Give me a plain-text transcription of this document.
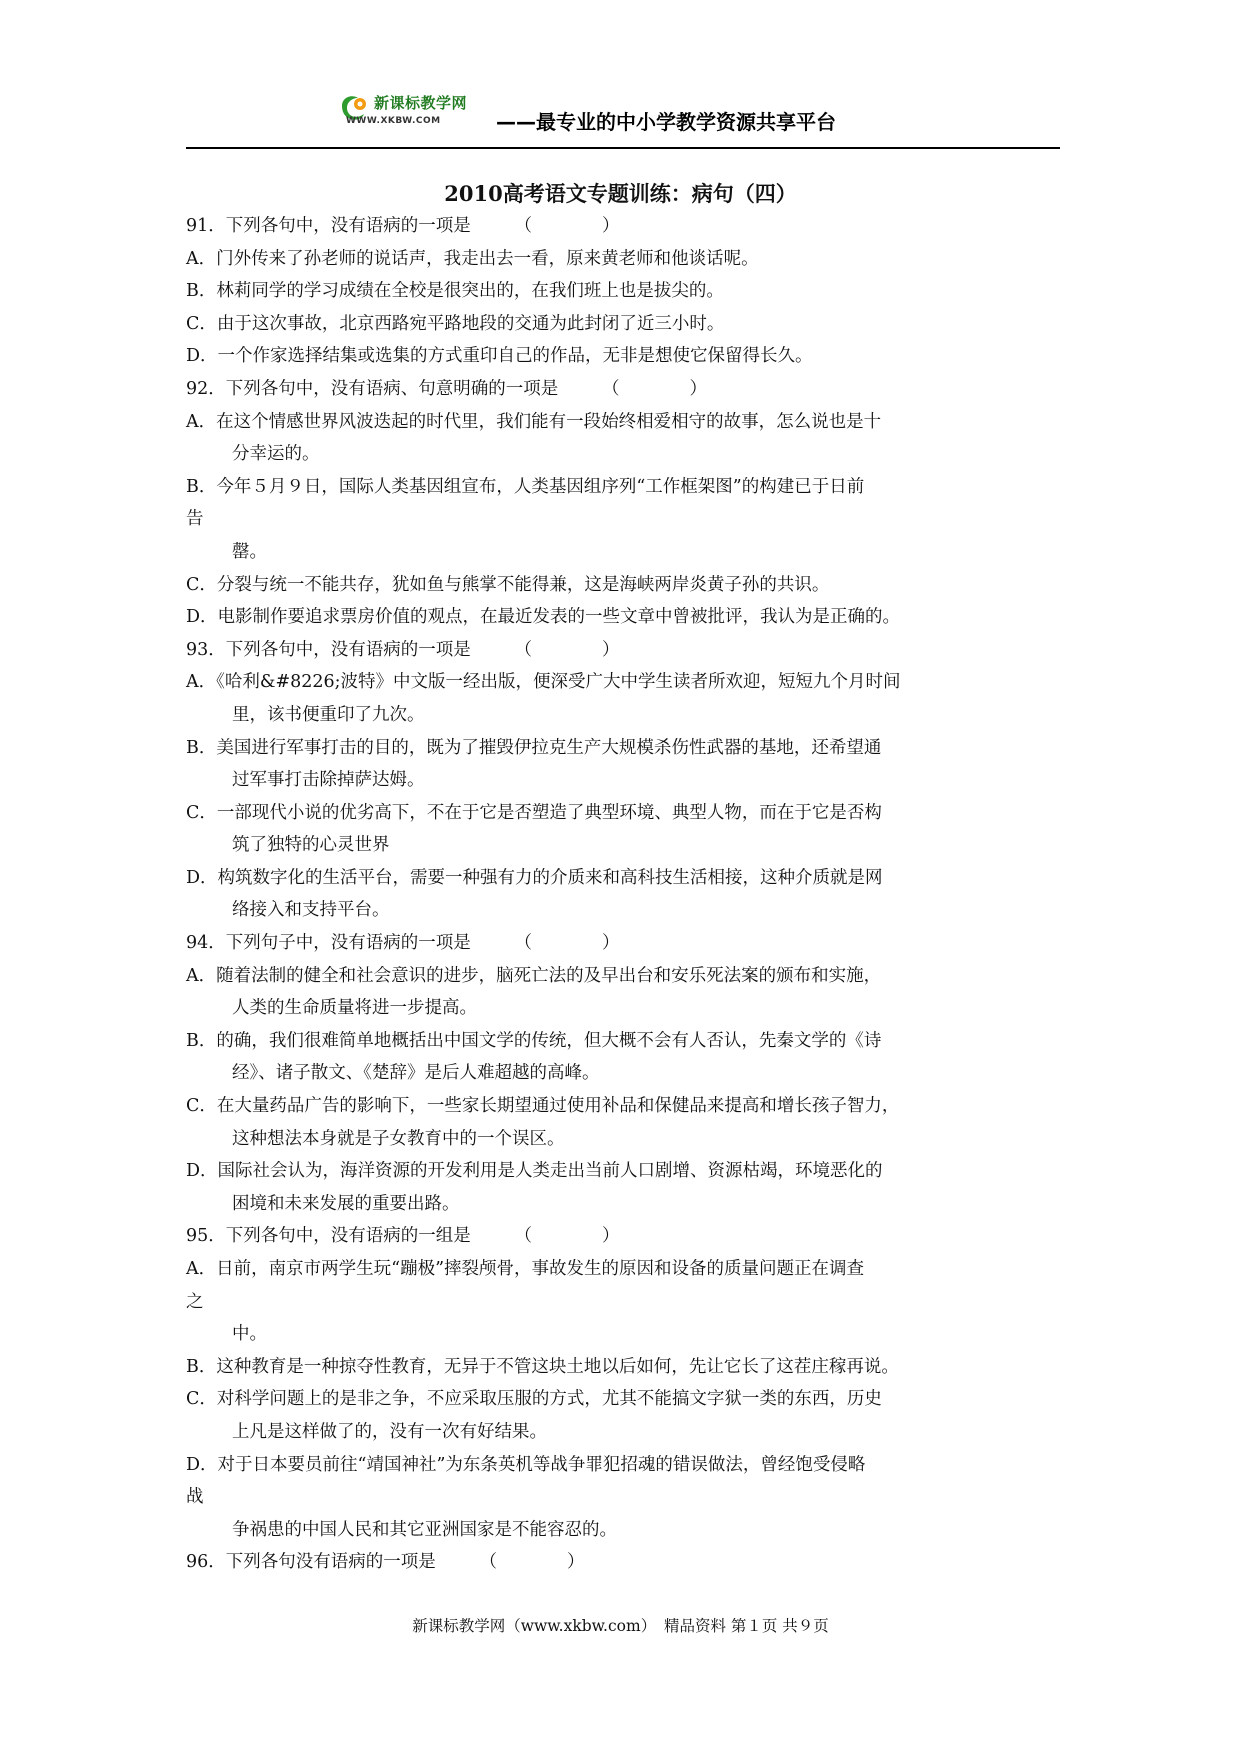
新课标教学网
WWW.XKBW.COM	——最专业的中小学教学资源共享平台
2010高考语文专题训练：病句（四）
91．下列各句中，没有语病的一项是　　　（　　　　）
A．门外传来了孙老师的说话声，我走出去一看，原来黄老师和他谈话呢。
B．林莉同学的学习成绩在全校是很突出的，在我们班上也是拔尖的。
C．由于这次事故，北京西路宛平路地段的交通为此封闭了近三小时。
D．一个作家选择结集或选集的方式重印自己的作品，无非是想使它保留得长久。
92．下列各句中，没有语病、句意明确的一项是　　　（　　　　）
A．在这个情感世界风波迭起的时代里，我们能有一段始终相爱相守的故事，怎么说也是十
分幸运的。
B．今年５月９日，国际人类基因组宣布，人类基因组序列“工作框架图”的构建已于日前
告
罄。
C．分裂与统一不能共存，犹如鱼与熊掌不能得兼，这是海峡两岸炎黄子孙的共识。
D．电影制作要追求票房价值的观点，在最近发表的一些文章中曾被批评，我认为是正确的。
93．下列各句中，没有语病的一项是　　　（　　　　）
A．《哈利&#8226;波特》中文版一经出版，便深受广大中学生读者所欢迎，短短九个月时间
里，该书便重印了九次。
B．美国进行军事打击的目的，既为了摧毁伊拉克生产大规模杀伤性武器的基地，还希望通
过军事打击除掉萨达姆。
C．一部现代小说的优劣高下，不在于它是否塑造了典型环境、典型人物，而在于它是否构
筑了独特的心灵世界
D．构筑数字化的生活平台，需要一种强有力的介质来和高科技生活相接，这种介质就是网
络接入和支持平台。
94．下列句子中，没有语病的一项是　　　（　　　　）
A．随着法制的健全和社会意识的进步，脑死亡法的及早出台和安乐死法案的颁布和实施，
人类的生命质量将进一步提高。
B．的确，我们很难简单地概括出中国文学的传统，但大概不会有人否认，先秦文学的《诗
经》、诸子散文、《楚辞》是后人难超越的高峰。
C．在大量药品广告的影响下，一些家长期望通过使用补品和保健品来提高和增长孩子智力，
这种想法本身就是子女教育中的一个误区。
D．国际社会认为，海洋资源的开发利用是人类走出当前人口剧增、资源枯竭，环境恶化的
困境和未来发展的重要出路。
95．下列各句中，没有语病的一组是　　　（　　　　）
A．日前，南京市两学生玩“蹦极”摔裂颅骨，事故发生的原因和设备的质量问题正在调查
之
中。
B．这种教育是一种掠夺性教育，无异于不管这块土地以后如何，先让它长了这茬庄稼再说。
C．对科学问题上的是非之争，不应采取压服的方式，尤其不能搞文字狱一类的东西，历史
上凡是这样做了的，没有一次有好结果。
D．对于日本要员前往“靖国神社”为东条英机等战争罪犯招魂的错误做法，曾经饱受侵略
战
争祸患的中国人民和其它亚洲国家是不能容忍的。
96．下列各句没有语病的一项是　　　（　　　　）
新课标教学网（www.xkbw.com）　精品资料 第１页 共９页
